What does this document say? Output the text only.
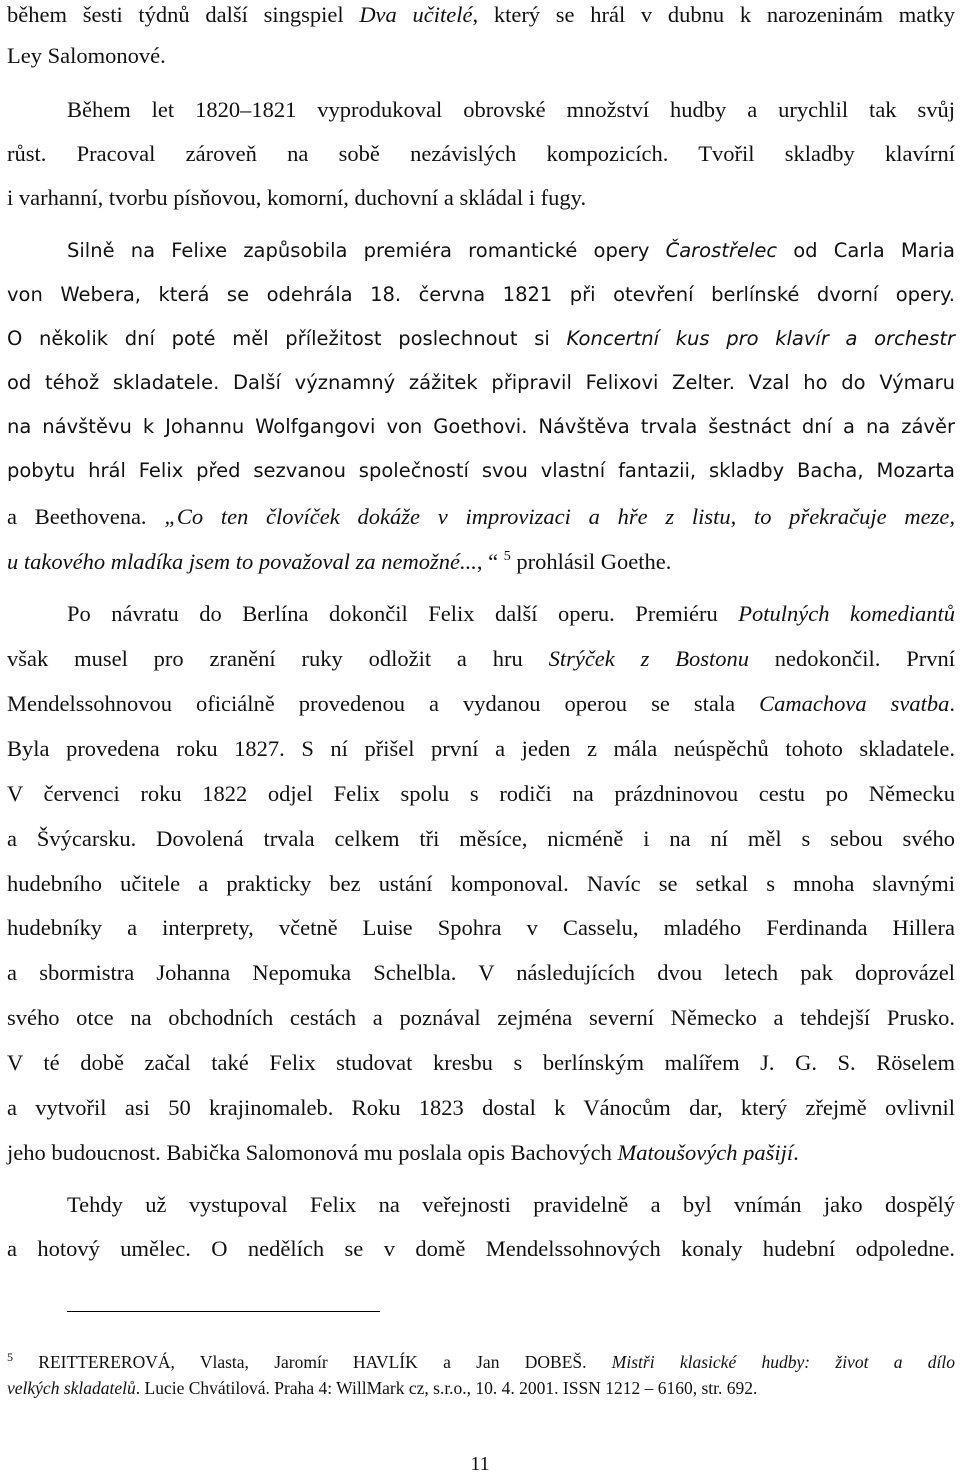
během šesti týdnů další singspiel Dva učitelé, který se hrál v dubnu k narozeninám matky
Ley Salomonové.
Během let 1820–1821 vyprodukoval obrovské množství hudby a urychlil tak svůj
růst. Pracoval zároveň na sobě nezávislých kompozicích. Tvořil skladby klavírní
i varhanní, tvorbu písňovou, komorní, duchovní a skládal i fugy.
Silně na Felixe zapůsobila premiéra romantické opery Čarostřelec od Carla Maria
von Webera, která se odehrála 18. června 1821 při otevření berlínské dvorní opery.
O několik dní poté měl příležitost poslechnout si Koncertní kus pro klavír a orchestr
od téhož skladatele. Další významný zážitek připravil Felixovi Zelter. Vzal ho do Výmaru
na návštěvu k Johannu Wolfgangovi von Goethovi. Návštěva trvala šestnáct dní a na závěr
pobytu hrál Felix před sezvanou společností svou vlastní fantazii, skladby Bacha, Mozarta
a Beethovena. „Co ten človíček dokáže v improvizaci a hře z listu, to překračuje meze,
u takového mladíka jsem to považoval za nemožné..., “ $^5$ prohlásil Goethe.
Po návratu do Berlína dokončil Felix další operu. Premiéru Potulných komediantů
však musel pro zranění ruky odložit a hru Strýček z Bostonu nedokončil. První
Mendelssohnovou oficiálně provedenou a vydanou operou se stala Camachova svatba.
Byla provedena roku 1827. S ní přišel první a jeden z mála neúspěchů tohoto skladatele.
V červenci roku 1822 odjel Felix spolu s rodiči na prázdninovou cestu po Německu
a Švýcarsku. Dovolená trvala celkem tři měsíce, nicméně i na ní měl s sebou svého
hudebního učitele a prakticky bez ustání komponoval. Navíc se setkal s mnoha slavnými
hudebníky a interprety, včetně Luise Spohra v Casselu, mladého Ferdinanda Hillera
a sbormistra Johanna Nepomuka Schelbla. V následujících dvou letech pak doprovázel
svého otce na obchodních cestách a poznával zejména severní Německo a tehdejší Prusko.
V té době začal také Felix studovat kresbu s berlínským malířem J. G. S. Röselem
a vytvořil asi 50 krajinomaleb. Roku 1823 dostal k Vánocům dar, který zřejmě ovlivnil
jeho budoucnost. Babička Salomonová mu poslala opis Bachových Matoušových pašijí.
Tehdy už vystupoval Felix na veřejnosti pravidelně a byl vnímán jako dospělý
a hotový umělec. O nedělích se v domě Mendelssohnových konaly hudební odpoledne.
$^5$ REITTEREROVÁ, Vlasta, Jaromír HAVLÍK a Jan DOBEŠ. Mistři klasické hudby: život a dílo
velkých skladatelů. Lucie Chvátilová. Praha 4: WillMark cz, s.r.o., 10. 4. 2001. ISSN 1212 – 6160, str. 692.
11
